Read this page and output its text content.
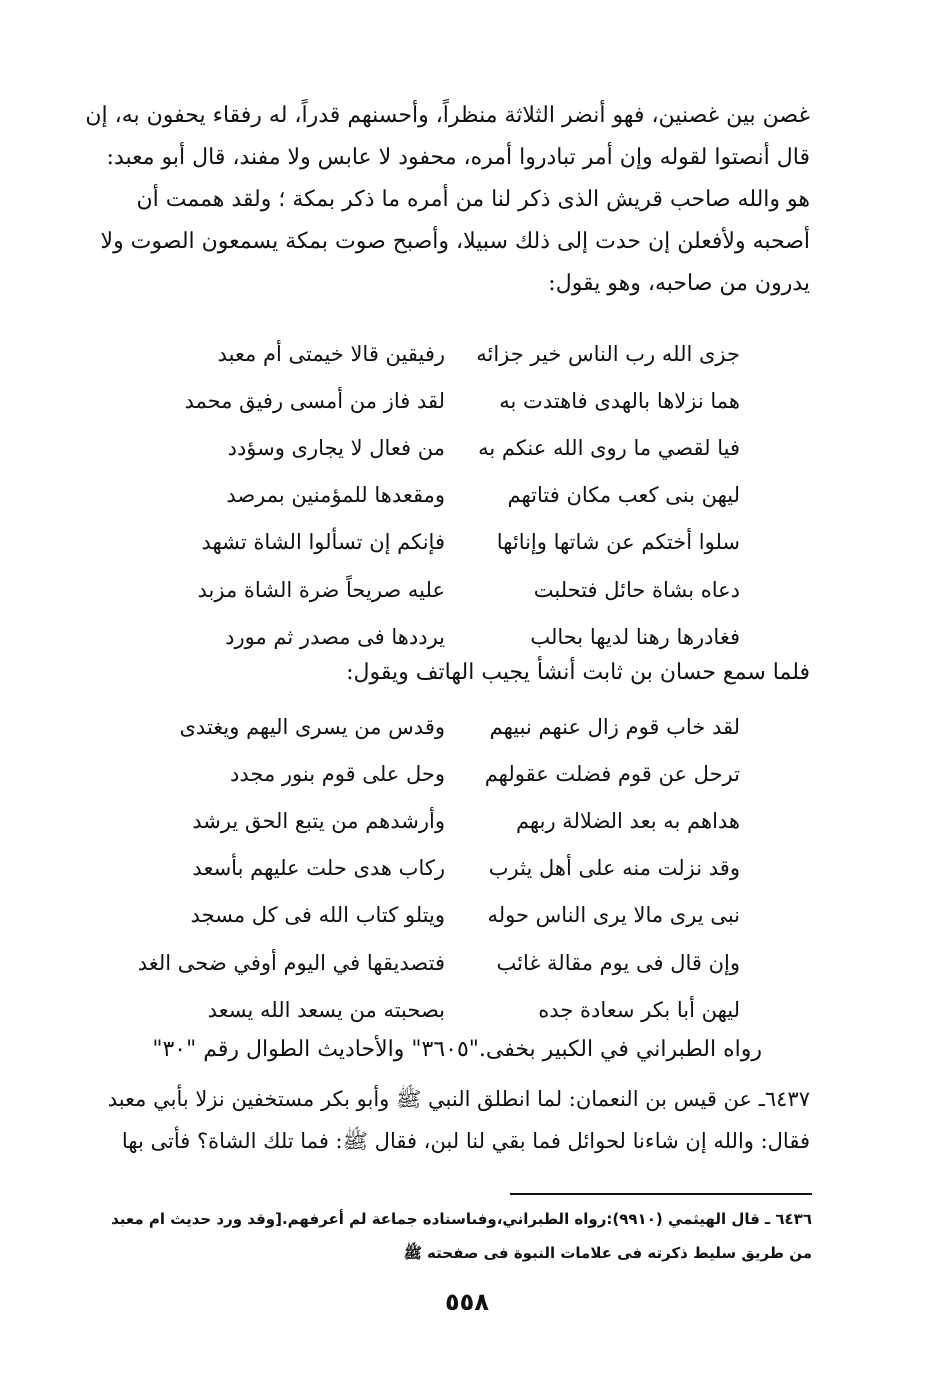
غصن بين غصنين، فهو أنضر الثلاثة منظراً، وأحسنهم قدراً، له رفقاء يحفون به، إن

قال أنصتوا لقوله وإن أمر تبادروا أمره، محفود لا عابس ولا مفند، قال أبو معبد:

هو والله صاحب قريش الذى ذكر لنا من أمره ما ذكر بمكة ؛ ولقد هممت أن

أصحبه ولأفعلن إن حدت إلى ذلك سبيلا، وأصبح صوت بمكة يسمعون الصوت ولا

يدرون من صاحبه، وهو يقول:

جزى الله رب الناس خير جزائه
رفيقين قالا خيمتى أم معبد
هما نزلاها بالهدى فاهتدت به
لقد فاز من أمسى رفيق محمد
فيا لقصي ما روى الله عنكم به
من فعال لا يجارى وسؤدد
ليهن بنى كعب مكان فتاتهم
ومقعدها للمؤمنين بمرصد
سلوا أختكم عن شاتها وإنائها
فإنكم إن تسألوا الشاة تشهد
دعاه بشاة حائل فتحلبت
عليه صريحاً ضرة الشاة مزبد
فغادرها رهنا لديها بحالب
يرددها فى مصدر ثم مورد
فلما سمع حسان بن ثابت أنشأ يجيب الهاتف ويقول:
لقد خاب قوم زال عنهم نبيهم
وقدس من يسرى اليهم ويغتدى
ترحل عن قوم فضلت عقولهم
وحل على قوم بنور مجدد
هداهم به بعد الضلالة ربهم
وأرشدهم من يتبع الحق يرشد
وقد نزلت منه على أهل يثرب
ركاب هدى حلت عليهم بأسعد
نبى يرى مالا يرى الناس حوله
ويتلو كتاب الله فى كل مسجد
وإن قال فى يوم مقالة غائب
فتصديقها في اليوم أوفي ضحى الغد
ليهن أبا بكر سعادة جده
بصحبته من يسعد الله يسعد
رواه الطبراني في الكبير بخفى."٣٦٠٥" والأحاديث الطوال رقم "٣٠"

٦٤٣٧ـ عن قيس بن النعمان: لما انطلق النبي ﷺ وأبو بكر مستخفين نزلا بأبي معبد

فقال: والله إن شاءنا لحوائل فما بقي لنا لبن، فقال ﷺ: فما تلك الشاة؟ فأتى بها

٦٤٣٦ ـ قال الهيثمي (٩٩١٠):رواه الطبراني،وفىاسناده جماعة لم أعرفهم.[وقد ورد حديث ام معبد
من طريق سليط ذكرته فى علامات النبوة فى صفحته ﷺ
٥٥٨
